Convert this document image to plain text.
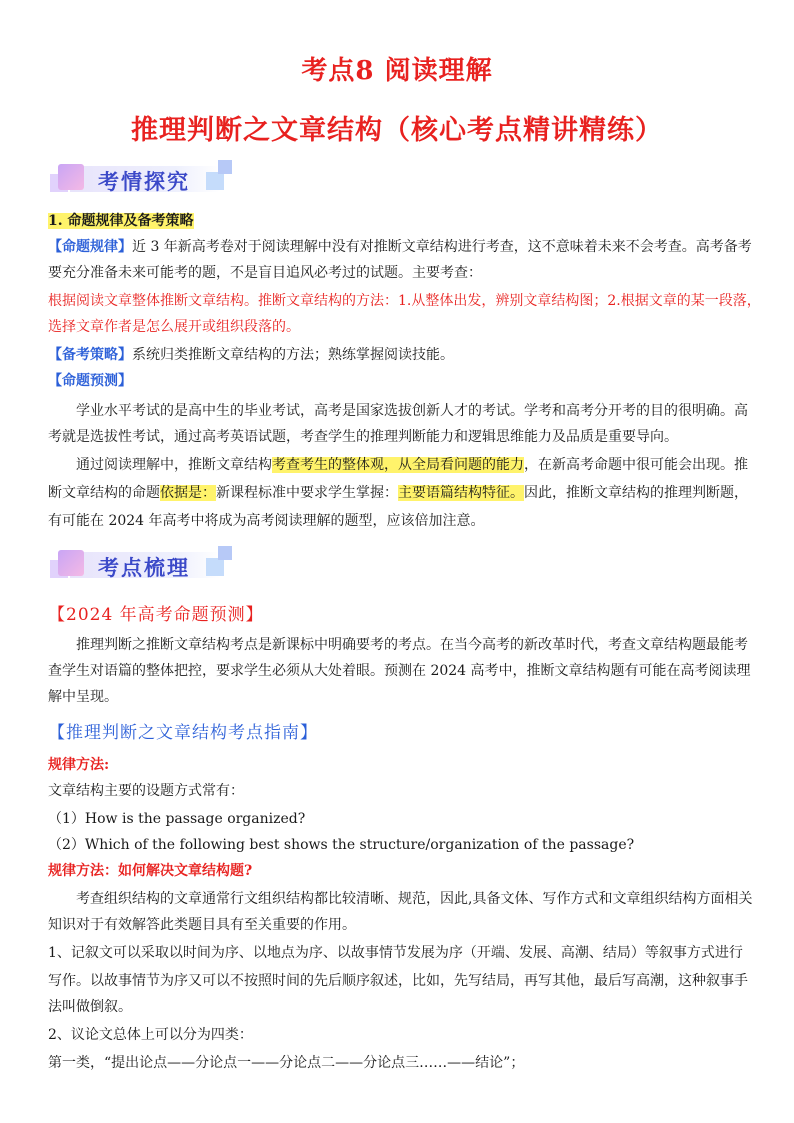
考点8 阅读理解
推理判断之文章结构（核心考点精讲精练）
考情探究
1. 命题规律及备考策略
【命题规律】近 3 年新高考卷对于阅读理解中没有对推断文章结构进行考查，这不意味着未来不会考查。高考备考
要充分准备未来可能考的题，不是盲目追风必考过的试题。主要考查：
根据阅读文章整体推断文章结构。推断文章结构的方法：1.从整体出发，辨别文章结构图；2.根据文章的某一段落，
选择文章作者是怎么展开或组织段落的。
【备考策略】系统归类推断文章结构的方法；熟练掌握阅读技能。
【命题预测】
学业水平考试的是高中生的毕业考试，高考是国家选拔创新人才的考试。学考和高考分开考的目的很明确。高
考就是选拔性考试，通过高考英语试题，考查学生的推理判断能力和逻辑思维能力及品质是重要导向。
通过阅读理解中，推断文章结构考查考生的整体观，从全局看问题的能力，在新高考命题中很可能会出现。推
断文章结构的命题依据是：新课程标准中要求学生掌握：主要语篇结构特征。因此，推断文章结构的推理判断题，
有可能在 2024 年高考中将成为高考阅读理解的题型，应该倍加注意。
考点梳理
【2024 年高考命题预测】
推理判断之推断文章结构考点是新课标中明确要考的考点。在当今高考的新改革时代，考查文章结构题最能考
查学生对语篇的整体把控，要求学生必须从大处着眼。预测在 2024 高考中，推断文章结构题有可能在高考阅读理
解中呈现。
【推理判断之文章结构考点指南】
规律方法:
文章结构主要的设题方式常有：
（1）How is the passage organized?
（2）Which of the following best shows the structure/organization of the passage?
规律方法：如何解决文章结构题?
考查组织结构的文章通常行文组织结构都比较清晰、规范，因此,具备文体、写作方式和文章组织结构方面相关
知识对于有效解答此类题目具有至关重要的作用。
1、记叙文可以采取以时间为序、以地点为序、以故事情节发展为序（开端、发展、高潮、结局）等叙事方式进行
写作。以故事情节为序又可以不按照时间的先后顺序叙述，比如，先写结局，再写其他，最后写高潮，这种叙事手
法叫做倒叙。
2、议论文总体上可以分为四类：
第一类，“提出论点——分论点一——分论点二——分论点三……——结论”；
